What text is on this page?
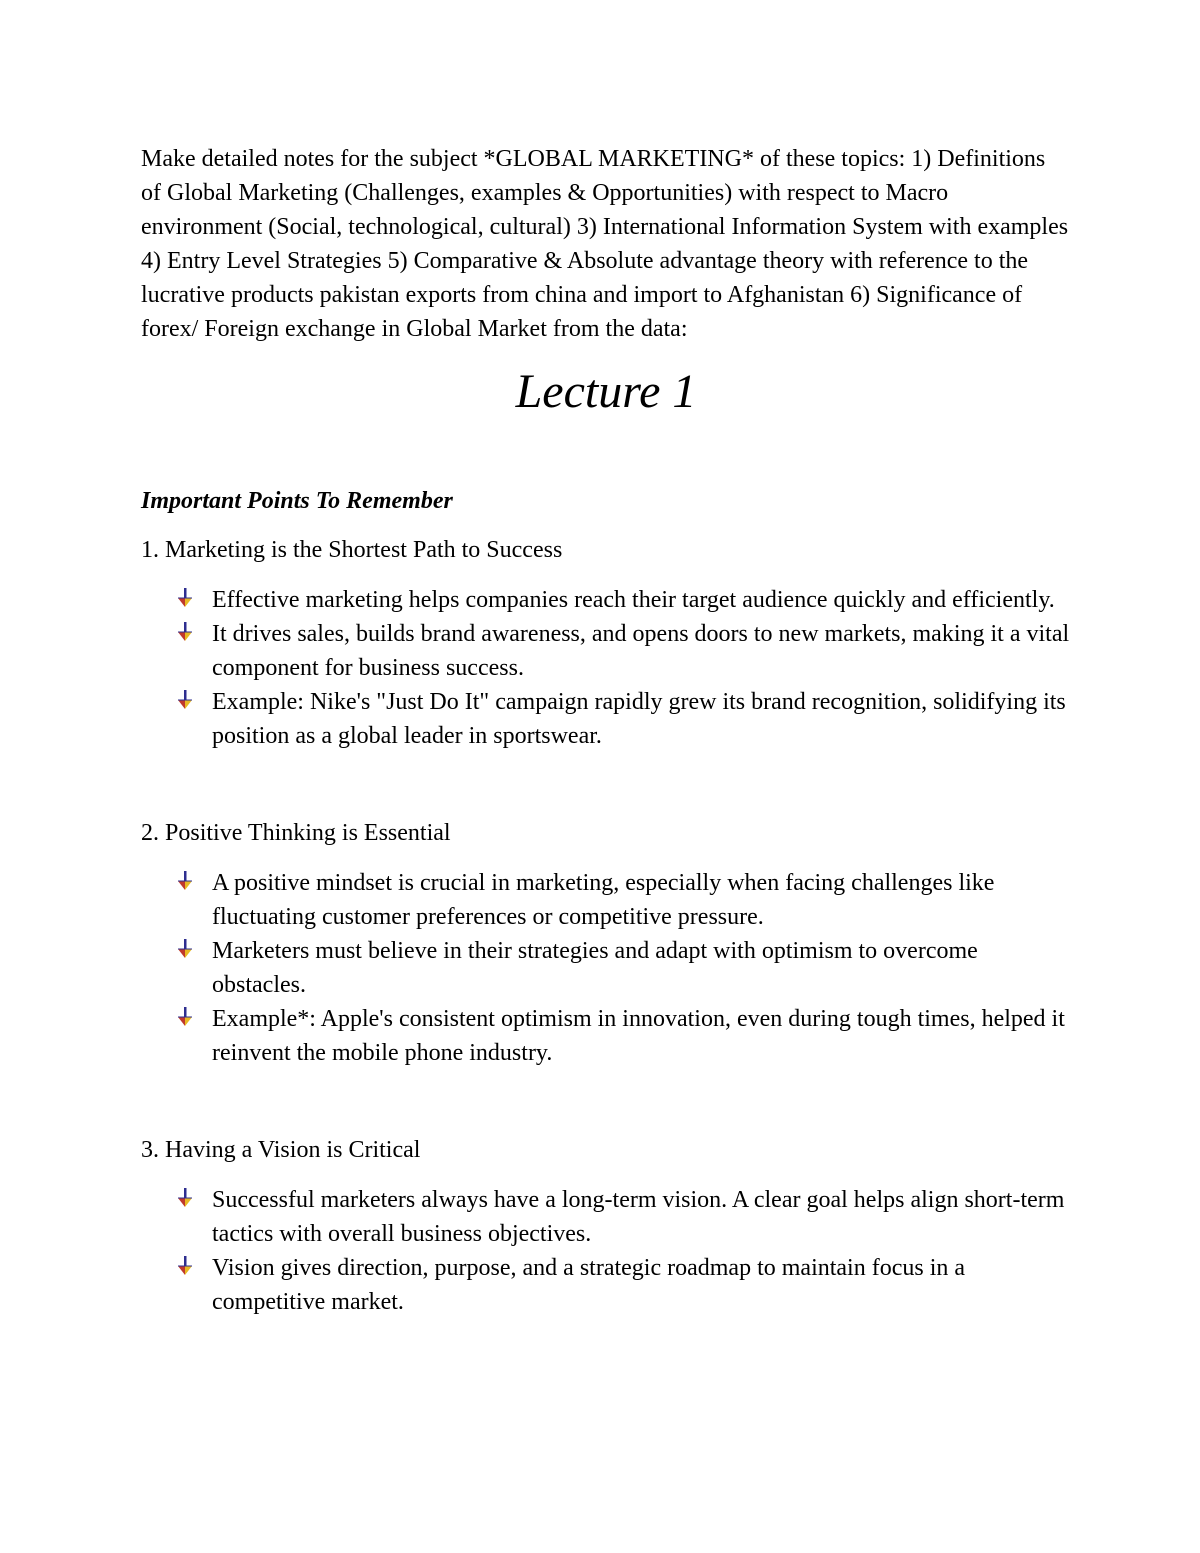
Make detailed notes for the subject *GLOBAL MARKETING* of these topics: 1) Definitions of Global Marketing (Challenges, examples & Opportunities) with respect to Macro environment (Social, technological, cultural) 3) International Information System with examples 4) Entry Level Strategies 5) Comparative & Absolute advantage theory with reference to the lucrative products pakistan exports from china and import to Afghanistan 6) Significance of forex/ Foreign exchange in Global Market from the data:

Lecture 1
Important Points To Remember
1. Marketing is the Shortest Path to Success
Effective marketing helps companies reach their target audience quickly and efficiently.
It drives sales, builds brand awareness, and opens doors to new markets, making it a vital component for business success.
Example: Nike's "Just Do It" campaign rapidly grew its brand recognition, solidifying its position as a global leader in sportswear.
2. Positive Thinking is Essential
A positive mindset is crucial in marketing, especially when facing challenges like fluctuating customer preferences or competitive pressure.
Marketers must believe in their strategies and adapt with optimism to overcome obstacles.
Example*: Apple's consistent optimism in innovation, even during tough times, helped it reinvent the mobile phone industry.
3. Having a Vision is Critical
Successful marketers always have a long-term vision. A clear goal helps align short-term tactics with overall business objectives.
Vision gives direction, purpose, and a strategic roadmap to maintain focus in a competitive market.
